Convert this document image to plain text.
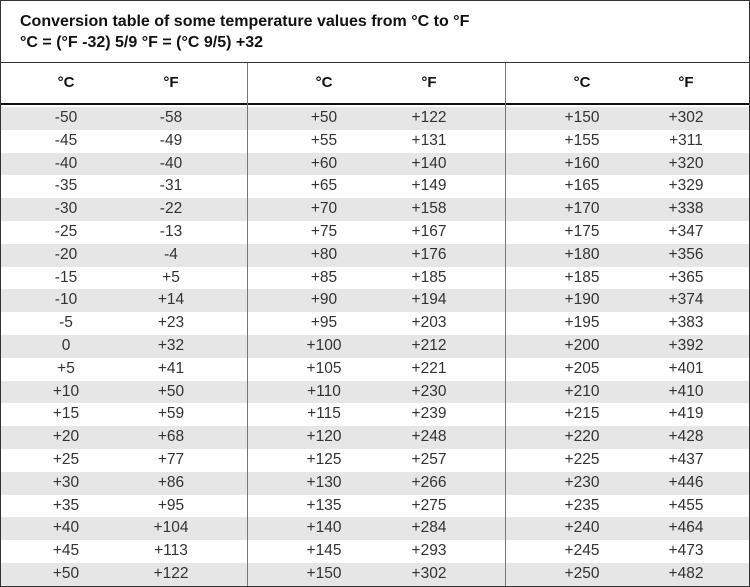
Conversion table of some temperature values from °C to °F
°C = (°F -32) 5/9 °F = (°C 9/5) +32
°C	°F	°C	°F	°C	°F
-50	-58	+50	+122	+150	+302
-45	-49	+55	+131	+155	+311
-40	-40	+60	+140	+160	+320
-35	-31	+65	+149	+165	+329
-30	-22	+70	+158	+170	+338
-25	-13	+75	+167	+175	+347
-20	-4	+80	+176	+180	+356
-15	+5	+85	+185	+185	+365
-10	+14	+90	+194	+190	+374
-5	+23	+95	+203	+195	+383
0	+32	+100	+212	+200	+392
+5	+41	+105	+221	+205	+401
+10	+50	+110	+230	+210	+410
+15	+59	+115	+239	+215	+419
+20	+68	+120	+248	+220	+428
+25	+77	+125	+257	+225	+437
+30	+86	+130	+266	+230	+446
+35	+95	+135	+275	+235	+455
+40	+104	+140	+284	+240	+464
+45	+113	+145	+293	+245	+473
+50	+122	+150	+302	+250	+482
